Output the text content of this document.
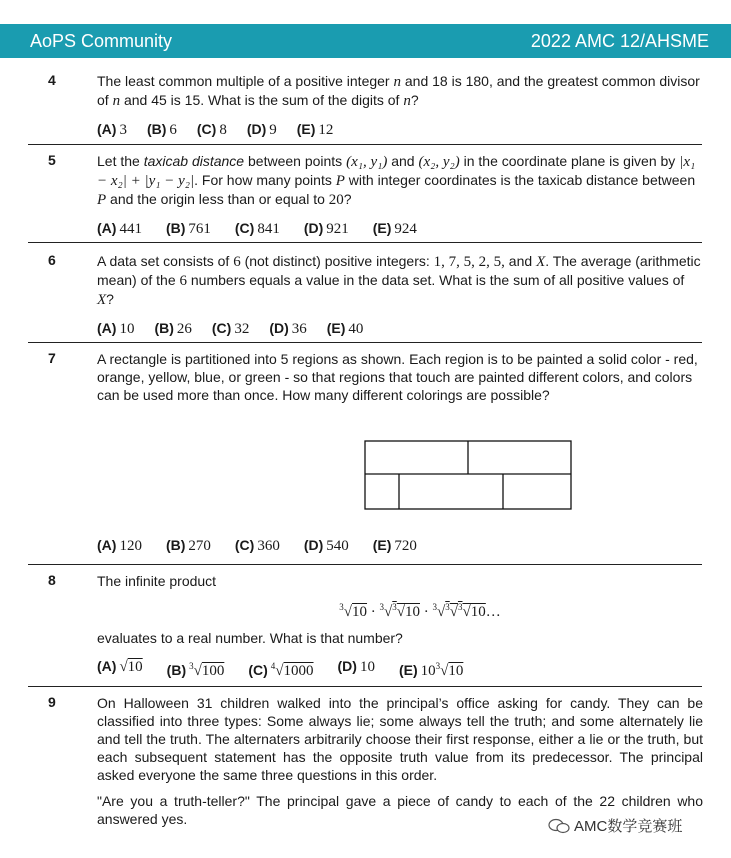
AoPS Community	2022 AMC 12/AHSME
4	The least common multiple of a positive integer n and 18 is 180, and the greatest common divisor of n and 45 is 15. What is the sum of the digits of n?
(A) 3 (B) 6 (C) 8 (D) 9 (E) 12
5	Let the taxicab distance between points (x₁, y₁) and (x₂, y₂) in the coordinate plane is given by |x₁ − x₂| + |y₁ − y₂|. For how many points P with integer coordinates is the taxicab distance between P and the origin less than or equal to 20?
(A) 441 (B) 761 (C) 841 (D) 921 (E) 924
6	A data set consists of 6 (not distinct) positive integers: 1, 7, 5, 2, 5, and X. The average (arithmetic mean) of the 6 numbers equals a value in the data set. What is the sum of all positive values of X?
(A) 10 (B) 26 (C) 32 (D) 36 (E) 40
7	A rectangle is partitioned into 5 regions as shown. Each region is to be painted a solid color - red, orange, yellow, blue, or green - so that regions that touch are painted different colors, and colors can be used more than once. How many different colorings are possible?
(A) 120 (B) 270 (C) 360 (D) 540 (E) 720
8	The infinite product
$^3$√10 · $^3$√$^3$√10 · $^3$√$^3$√$^3$√10…
evaluates to a real number. What is that number?
(A) √10 (B) $^3$√100 (C) $^4$√1000 (D) 10 (E) $10^3√10$
9	On Halloween 31 children walked into the principal’s office asking for candy. They can be classified into three types: Some always lie; some always tell the truth; and some alternately lie and tell the truth. The alternaters arbitrarily choose their first response, either a lie or the truth, but each subsequent statement has the opposite truth value from its predecessor. The principal asked everyone the same three questions in this order.
"Are you a truth-teller?" The principal gave a piece of candy to each of the 22 children who answered yes.	AMC数学竞赛班
